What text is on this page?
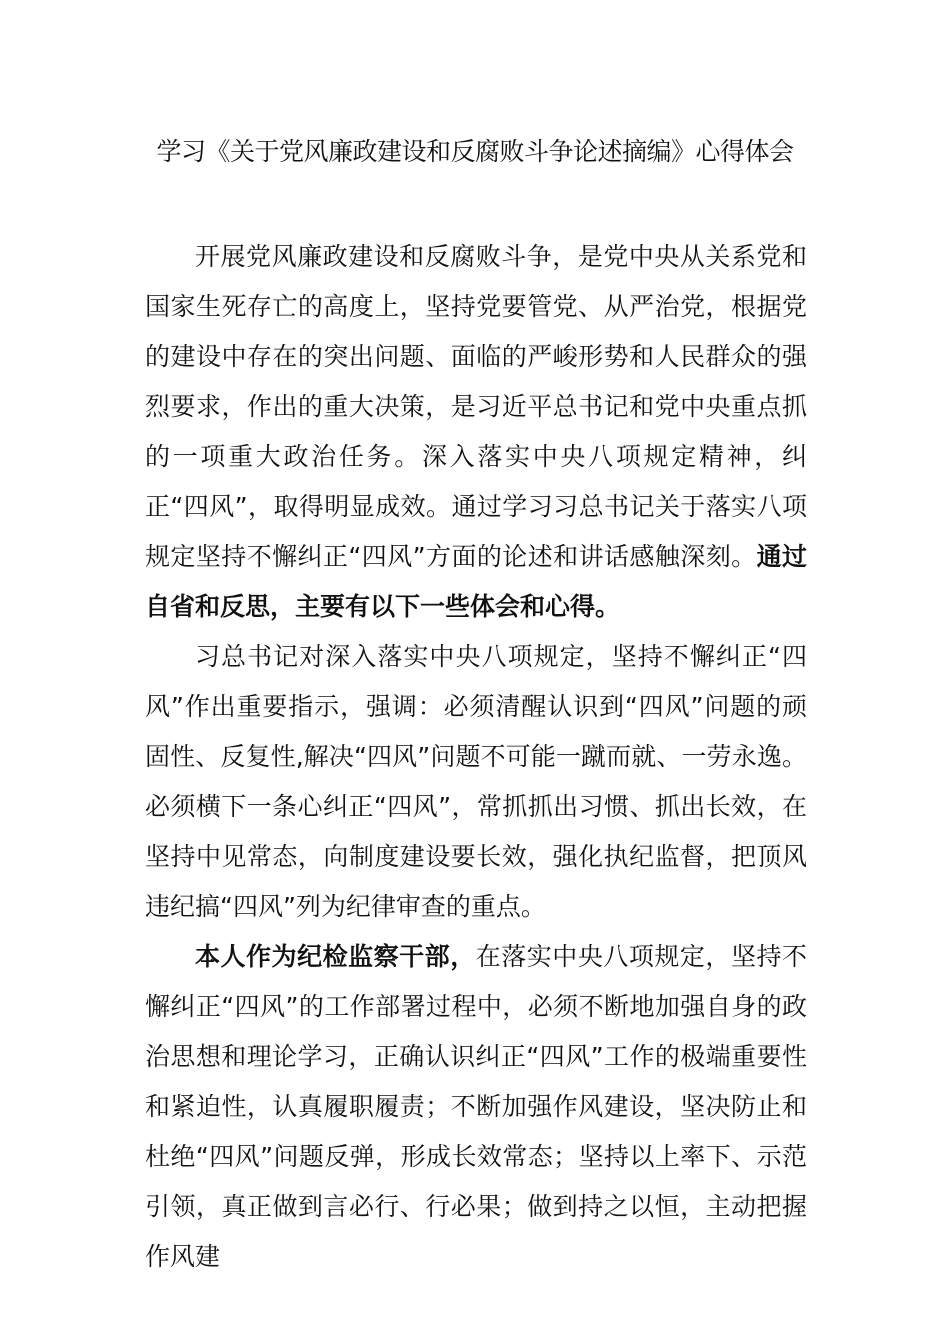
学习《关于党风廉政建设和反腐败斗争论述摘编》心得体会

开展党风廉政建设和反腐败斗争，是党中央从关系党和国家生死存亡的高度上，坚持党要管党、从严治党，根据党的建设中存在的突出问题、面临的严峻形势和人民群众的强烈要求，作出的重大决策，是习近平总书记和党中央重点抓的一项重大政治任务。深入落实中央八项规定精神，纠正“四风”，取得明显成效。通过学习习总书记关于落实八项规定坚持不懈纠正“四风”方面的论述和讲话感触深刻。通过自省和反思，主要有以下一些体会和心得。

习总书记对深入落实中央八项规定，坚持不懈纠正“四风”作出重要指示，强调：必须清醒认识到“四风”问题的顽固性、反复性,解决“四风”问题不可能一蹴而就、一劳永逸。必须横下一条心纠正“四风”，常抓抓出习惯、抓出长效，在坚持中见常态，向制度建设要长效，强化执纪监督，把顶风违纪搞“四风”列为纪律审查的重点。

本人作为纪检监察干部，在落实中央八项规定，坚持不懈纠正“四风”的工作部署过程中，必须不断地加强自身的政治思想和理论学习，正确认识纠正“四风”工作的极端重要性和紧迫性，认真履职履责；不断加强作风建设，坚决防止和杜绝“四风”问题反弹，形成长效常态；坚持以上率下、示范引领，真正做到言必行、行必果；做到持之以恒，主动把握作风建
